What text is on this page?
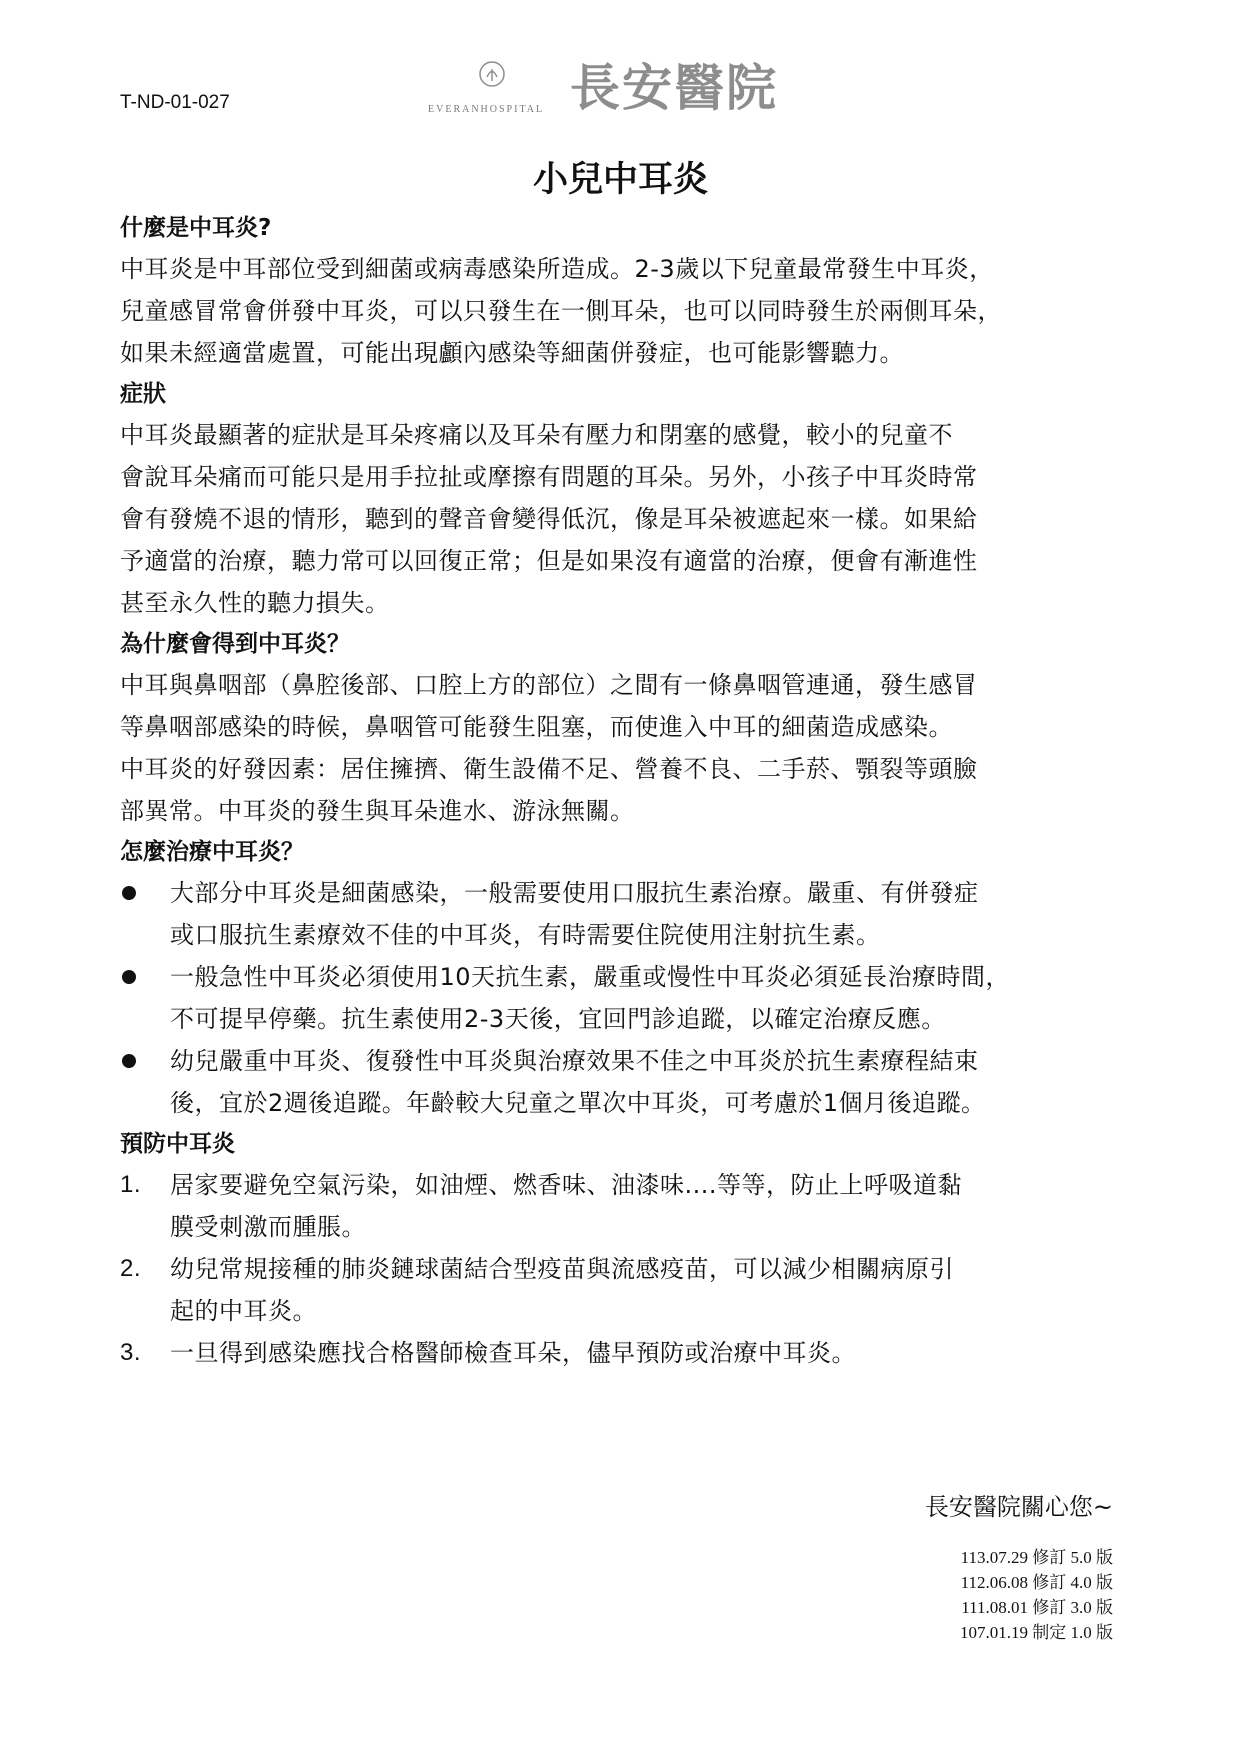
T-ND-01-027	EVERANHOSPITAL 長安醫院
小兒中耳炎

什麼是中耳炎?

中耳炎是中耳部位受到細菌或病毒感染所造成。2-3歲以下兒童最常發生中耳炎，
兒童感冒常會併發中耳炎，可以只發生在一側耳朵，也可以同時發生於兩側耳朵，
如果未經適當處置，可能出現顱內感染等細菌併發症，也可能影響聽力。

症狀

中耳炎最顯著的症狀是耳朵疼痛以及耳朵有壓力和閉塞的感覺，較小的兒童不
會說耳朵痛而可能只是用手拉扯或摩擦有問題的耳朵。另外，小孩子中耳炎時常
會有發燒不退的情形，聽到的聲音會變得低沉，像是耳朵被遮起來一樣。如果給
予適當的治療，聽力常可以回復正常；但是如果沒有適當的治療，便會有漸進性
甚至永久性的聽力損失。

為什麼會得到中耳炎？

中耳與鼻咽部（鼻腔後部、口腔上方的部位）之間有一條鼻咽管連通，發生感冒
等鼻咽部感染的時候，鼻咽管可能發生阻塞，而使進入中耳的細菌造成感染。
中耳炎的好發因素：居住擁擠、衛生設備不足、營養不良、二手菸、顎裂等頭臉
部異常。中耳炎的發生與耳朵進水、游泳無關。

怎麼治療中耳炎？

大部分中耳炎是細菌感染，一般需要使用口服抗生素治療。嚴重、有併發症
或口服抗生素療效不佳的中耳炎，有時需要住院使用注射抗生素。
一般急性中耳炎必須使用10天抗生素，嚴重或慢性中耳炎必須延長治療時間，
不可提早停藥。抗生素使用2-3天後，宜回門診追蹤，以確定治療反應。
幼兒嚴重中耳炎、復發性中耳炎與治療效果不佳之中耳炎於抗生素療程結束
後，宜於2週後追蹤。年齡較大兒童之單次中耳炎，可考慮於1個月後追蹤。

預防中耳炎

1. 居家要避免空氣污染，如油煙、燃香味、油漆味....等等，防止上呼吸道黏
膜受刺激而腫脹。
2. 幼兒常規接種的肺炎鏈球菌結合型疫苗與流感疫苗，可以減少相關病原引
起的中耳炎。
3. 一旦得到感染應找合格醫師檢查耳朵，儘早預防或治療中耳炎。
長安醫院關心您~
113.07.29 修訂 5.0 版
112.06.08 修訂 4.0 版
111.08.01 修訂 3.0 版
107.01.19 制定 1.0 版
